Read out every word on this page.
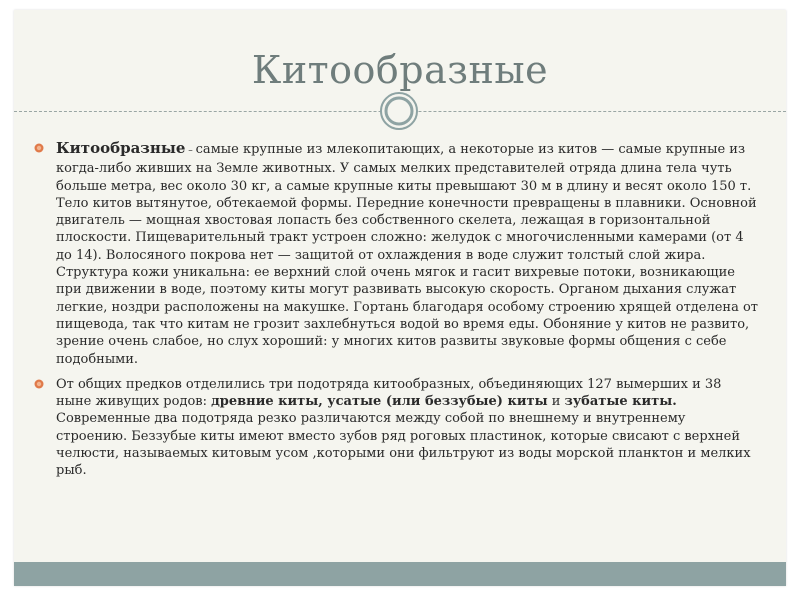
Китообразные
Китообразные – самые крупные из млекопитающих, а некоторые из китов — самые крупные из когда-либо живших на Земле животных. У самых мелких представителей отряда длина тела чуть больше метра, вес около 30 кг, а самые крупные киты превышают 30 м в длину и весят около 150 т. Тело китов вытянутое, обтекаемой формы. Передние конечности превращены в плавники. Основной двигатель — мощная хвостовая лопасть без собственного скелета, лежащая в горизонтальной плоскости. Пищеварительный тракт устроен сложно: желудок с многочисленными камерами (от 4 до 14). Волосяного покрова нет — защитой от охлаждения в воде служит толстый слой жира. Структура кожи уникальна: ее верхний слой очень мягок и гасит вихревые потоки, возникающие при движении в воде, поэтому киты могут развивать высокую скорость. Органом дыхания служат легкие, ноздри расположены на макушке. Гортань благодаря особому строению хрящей отделена от пищевода, так что китам не грозит захлебнуться водой во время еды. Обоняние у китов не развито, зрение очень слабое, но слух хороший: у многих китов развиты звуковые формы общения с себе подобными.
От общих предков отделились три подотряда китообразных, объединяющих 127 вымерших и 38 ныне живущих родов: древние киты, усатые (или беззубые) киты и зубатые киты. Современные два подотряда резко различаются между собой по внешнему и внутреннему строению. Беззубые киты имеют вместо зубов ряд роговых пластинок, которые свисают с верхней челюсти, называемых китовым усом ,которыми они фильтруют из воды морской планктон и мелких рыб.
